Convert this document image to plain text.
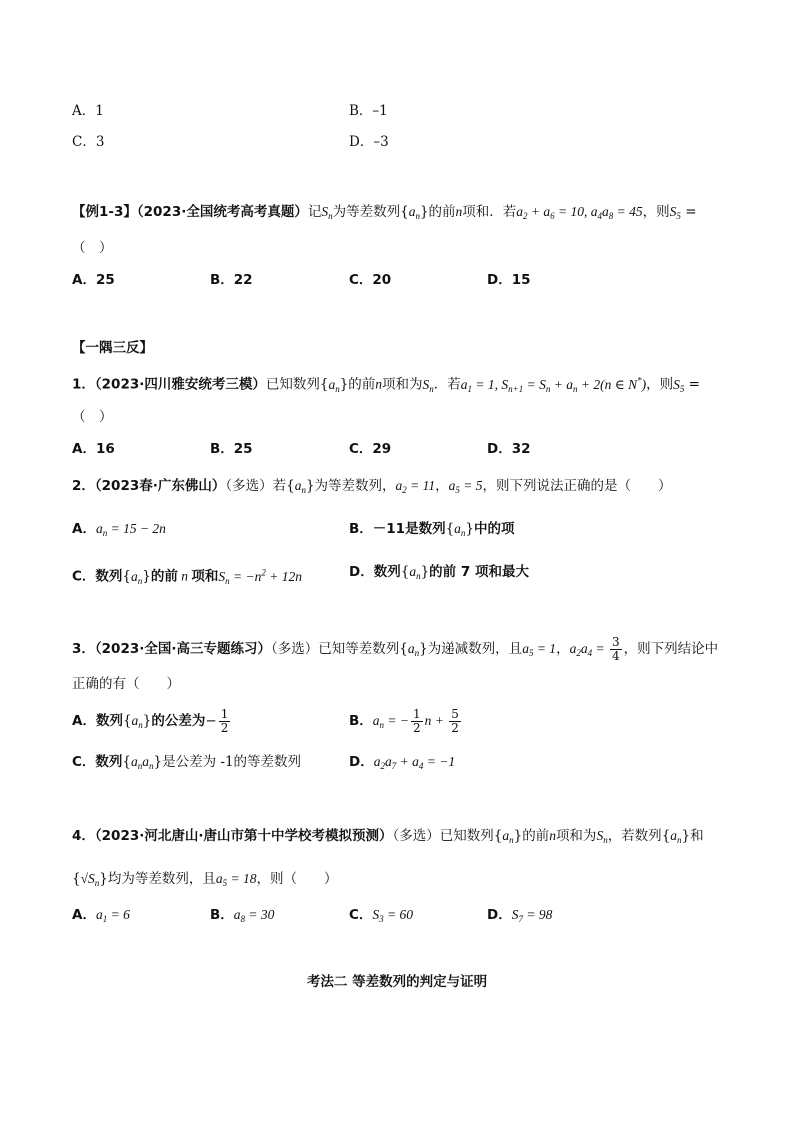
A．1	B．–1
C．3	D．–3
【例1-3】（2023·全国统考高考真题）记$S_n$为等差数列$\{a_n\}$的前n项和．若$a_2 + a_6 = 10$, $a_4a_8 = 45$，则$S_5$ =
（　）
A．25	B．22	C．20	D．15
【一隅三反】
1．（2023·四川雅安统考三模）已知数列$\{a_n\}$的前n项和为$S_n$．若$a_1 = 1$, $S_{n+1} = S_n + a_n + 2(n$ ∈ N*)，则$S_5$ =
（　）
A．16	B．25	C．29	D．32
2．（2023春·广东佛山）（多选）若$\{a_n\}$为等差数列，$a_2 = 11$，$a_5 = 5$，则下列说法正确的是（　　）
A．$a_n = 15 - 2n$	B．－11是数列$\{a_n\}$中的项
C．数列$\{a_n\}$的前 n 项和$S_n = -n^2 + 12n$	D．数列$\{a_n\}$的前 7 项和最大
3．（2023·全国·高三专题练习）（多选）已知等差数列$\{a_n\}$为递减数列，且$a_5 = 1$，$a_2a_4 = \frac{3}{4}$ ，则下列结论中
正确的有（　　）
A．数列$\{a_n\}$的公差为− $\frac{1}{2}$	B．$a_n$ = − $\frac{1}{2}$ $n + \frac{5}{2}$
C．数列$\{a_na_n\}$是公差为 -1的等差数列	D．$a_2a_7 + a_4 = -1$
4．（2023·河北唐山·唐山市第十中学校考模拟预测）（多选）已知数列$\{a_n\}$的前n项和为$S_n$，若数列$\{a_n\}$和
$\{√S_n\}$均为等差数列，且$a_5 = 18$，则（　　）
A．$a_1 = 6$	B．$a_8 = 30$	C．$S_3 = 60$	D．$S_7 = 98$
考法二 等差数列的判定与证明
